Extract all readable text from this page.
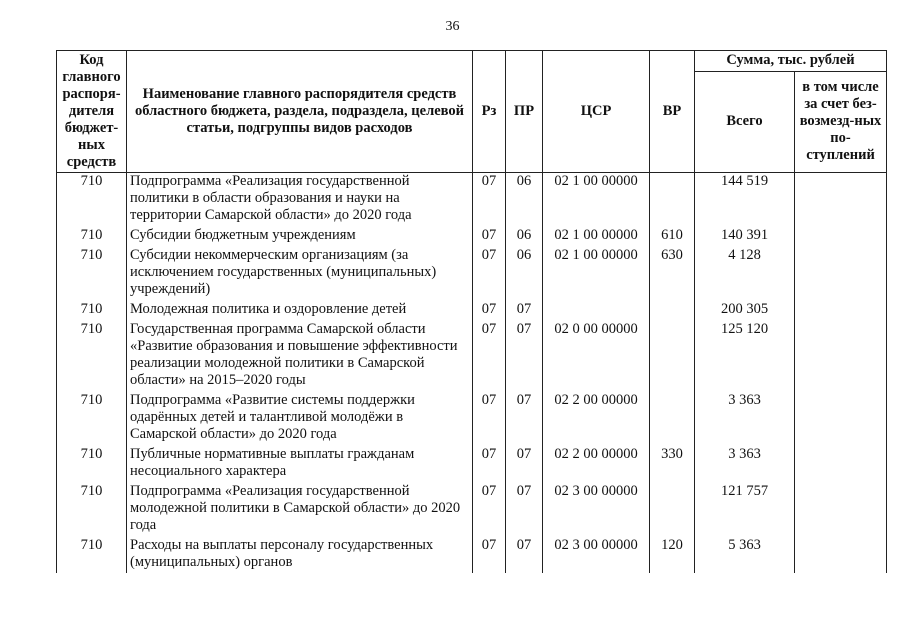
36
Код главного распоря-дителя бюджет-ных средств	Наименование главного распорядителя средств областного бюджета, раздела, подраздела, целевой статьи, подгруппы видов расходов	Рз	ПР	ЦСР	ВР	Сумма, тыс. рублей	
						Всего	в том числе за счет без-возмезд-ных по-ступлений
710	Подпрограмма «Реализация государственной политики в области образования и науки на территории Самарской области» до 2020 года	07	06	02 1 00 00000		144 519	
710	Субсидии бюджетным учреждениям	07	06	02 1 00 00000	610	140 391	
710	Субсидии некоммерческим организациям (за исключением государственных (муниципальных) учреждений)	07	06	02 1 00 00000	630	4 128	
710	Молодежная политика и оздоровление детей	07	07			200 305	
710	Государственная программа Самарской области «Развитие образования и повышение эффективности реализации молодежной политики в Самарской области» на 2015–2020 годы	07	07	02 0 00 00000		125 120	
710	Подпрограмма «Развитие системы поддержки одарённых детей и талантливой молодёжи в Самарской области» до 2020 года	07	07	02 2 00 00000		3 363	
710	Публичные нормативные выплаты гражданам несоциального характера	07	07	02 2 00 00000	330	3 363	
710	Подпрограмма «Реализация государственной молодежной политики в Самарской области» до 2020 года	07	07	02 3 00 00000		121 757	
710	Расходы на выплаты персоналу государственных (муниципальных) органов	07	07	02 3 00 00000	120	5 363	
